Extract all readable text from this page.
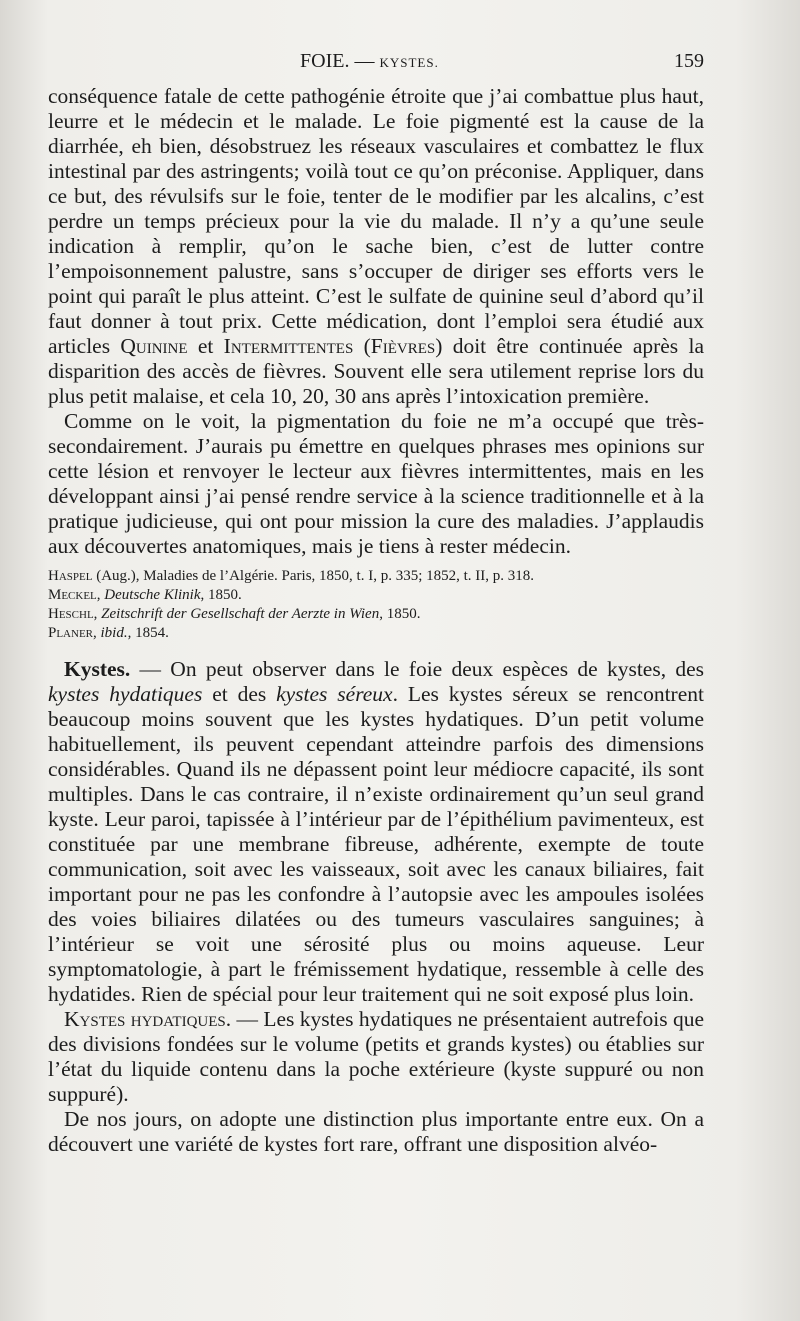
FOIE. — KYSTES.	159

conséquence fatale de cette pathogénie étroite que j’ai combattue plus haut, leurre et le médecin et le malade. Le foie pigmenté est la cause de la diarrhée, eh bien, désobstruez les réseaux vasculaires et combattez le flux intestinal par des astringents; voilà tout ce qu’on préconise. Appliquer, dans ce but, des révulsifs sur le foie, tenter de le modifier par les alcalins, c’est perdre un temps précieux pour la vie du malade. Il n’y a qu’une seule indication à remplir, qu’on le sache bien, c’est de lutter contre l’empoisonnement palustre, sans s’occuper de diriger ses efforts vers le point qui paraît le plus atteint. C’est le sulfate de quinine seul d’abord qu’il faut donner à tout prix. Cette médication, dont l’emploi sera étudié aux articles Quinine et Intermittentes (Fièvres) doit être continuée après la disparition des accès de fièvres. Souvent elle sera utilement reprise lors du plus petit malaise, et cela 10, 20, 30 ans après l’intoxication première.

Comme on le voit, la pigmentation du foie ne m’a occupé que très-secondairement. J’aurais pu émettre en quelques phrases mes opinions sur cette lésion et renvoyer le lecteur aux fièvres intermittentes, mais en les développant ainsi j’ai pensé rendre service à la science traditionnelle et à la pratique judicieuse, qui ont pour mission la cure des maladies. J’applaudis aux découvertes anatomiques, mais je tiens à rester médecin.

Haspel (Aug.), Maladies de l’Algérie. Paris, 1850, t. I, p. 335; 1852, t. II, p. 318.
Meckel, Deutsche Klinik, 1850.
Heschl, Zeitschrift der Gesellschaft der Aerzte in Wien, 1850.
Planer, ibid., 1854.

Kystes. — On peut observer dans le foie deux espèces de kystes, des kystes hydatiques et des kystes séreux. Les kystes séreux se rencontrent beaucoup moins souvent que les kystes hydatiques. D’un petit volume habituellement, ils peuvent cependant atteindre parfois des dimensions considérables. Quand ils ne dépassent point leur médiocre capacité, ils sont multiples. Dans le cas contraire, il n’existe ordinairement qu’un seul grand kyste. Leur paroi, tapissée à l’intérieur par de l’épithélium pavimenteux, est constituée par une membrane fibreuse, adhérente, exempte de toute communication, soit avec les vaisseaux, soit avec les canaux biliaires, fait important pour ne pas les confondre à l’autopsie avec les ampoules isolées des voies biliaires dilatées ou des tumeurs vasculaires sanguines; à l’intérieur se voit une sérosité plus ou moins aqueuse. Leur symptomatologie, à part le frémissement hydatique, ressemble à celle des hydatides. Rien de spécial pour leur traitement qui ne soit exposé plus loin.

Kystes hydatiques. — Les kystes hydatiques ne présentaient autrefois que des divisions fondées sur le volume (petits et grands kystes) ou établies sur l’état du liquide contenu dans la poche extérieure (kyste suppuré ou non suppuré).

De nos jours, on adopte une distinction plus importante entre eux. On a découvert une variété de kystes fort rare, offrant une disposition alvéo-
